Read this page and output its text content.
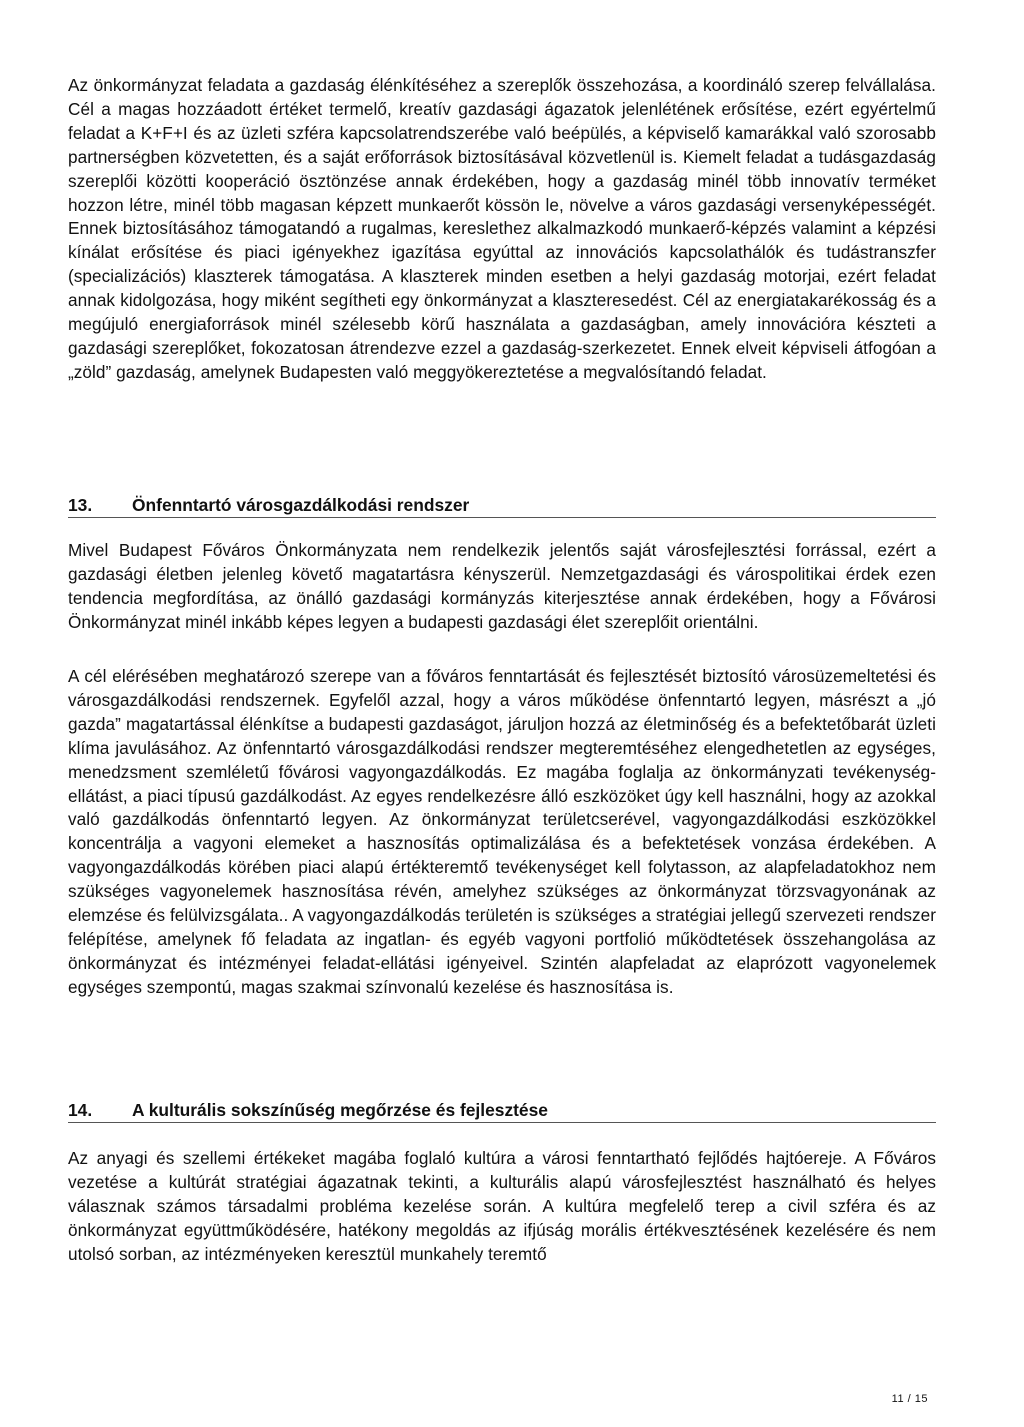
Az önkormányzat feladata a gazdaság élénkítéséhez a szereplők összehozása, a koordináló szerep felvállalása. Cél a magas hozzáadott értéket termelő, kreatív gazdasági ágazatok jelenlétének erősítése, ezért egyértelmű feladat a K+F+I és az üzleti szféra kapcsolatrendszerébe való beépülés, a képviselő kamarákkal való szorosabb partnerségben közvetetten, és a saját erőforrások biztosításával közvetlenül is. Kiemelt feladat a tudásgazdaság szereplői közötti kooperáció ösztönzése annak érdekében, hogy a gazdaság minél több innovatív terméket hozzon létre, minél több magasan képzett munkaerőt kössön le, növelve a város gazdasági versenyképességét. Ennek biztosításához támogatandó a rugalmas, kereslethez alkalmazkodó munkaerő-képzés valamint a képzési kínálat erősítése és piaci igényekhez igazítása egyúttal az innovációs kapcsolathálók és tudástranszfer (specializációs) klaszterek támogatása. A klaszterek minden esetben a helyi gazdaság motorjai, ezért feladat annak kidolgozása, hogy miként segítheti egy önkormányzat a klaszteresedést. Cél az energiatakarékosság és a megújuló energiaforrások minél szélesebb körű használata a gazdaságban, amely innovációra készteti a gazdasági szereplőket, fokozatosan átrendezve ezzel a gazdaság-szerkezetet. Ennek elveit képviseli átfogóan a „zöld” gazdaság, amelynek Budapesten való meggyökereztetése a megvalósítandó feladat.

13. Önfenntartó városgazdálkodási rendszer

Mivel Budapest Főváros Önkormányzata nem rendelkezik jelentős saját városfejlesztési forrással, ezért a gazdasági életben jelenleg követő magatartásra kényszerül. Nemzetgazdasági és várospolitikai érdek ezen tendencia megfordítása, az önálló gazdasági kormányzás kiterjesztése annak érdekében, hogy a Fővárosi Önkormányzat minél inkább képes legyen a budapesti gazdasági élet szereplőit orientálni.

A cél elérésében meghatározó szerepe van a főváros fenntartását és fejlesztését biztosító városüzemeltetési és városgazdálkodási rendszernek. Egyfelől azzal, hogy a város működése önfenntartó legyen, másrészt a „jó gazda” magatartással élénkítse a budapesti gazdaságot, járuljon hozzá az életminőség és a befektetőbarát üzleti klíma javulásához. Az önfenntartó városgazdálkodási rendszer megteremtéséhez elengedhetetlen az egységes, menedzsment szemléletű fővárosi vagyongazdálkodás. Ez magába foglalja az önkormányzati tevékenység-ellátást, a piaci típusú gazdálkodást. Az egyes rendelkezésre álló eszközöket úgy kell használni, hogy az azokkal való gazdálkodás önfenntartó legyen. Az önkormányzat területcserével, vagyongazdálkodási eszközökkel koncentrálja a vagyoni elemeket a hasznosítás optimalizálása és a befektetések vonzása érdekében. A vagyongazdálkodás körében piaci alapú értékteremtő tevékenységet kell folytasson, az alapfeladatokhoz nem szükséges vagyonelemek hasznosítása révén, amelyhez szükséges az önkormányzat törzsvagyonának az elemzése és felülvizsgálata.. A vagyongazdálkodás területén is szükséges a stratégiai jellegű szervezeti rendszer felépítése, amelynek fő feladata az ingatlan- és egyéb vagyoni portfolió működtetések összehangolása az önkormányzat és intézményei feladat-ellátási igényeivel. Szintén alapfeladat az elaprózott vagyonelemek egységes szempontú, magas szakmai színvonalú kezelése és hasznosítása is.

14. A kulturális sokszínűség megőrzése és fejlesztése

Az anyagi és szellemi értékeket magába foglaló kultúra a városi fenntartható fejlődés hajtóereje. A Főváros vezetése a kultúrát stratégiai ágazatnak tekinti, a kulturális alapú városfejlesztést használható és helyes válasznak számos társadalmi probléma kezelése során. A kultúra megfelelő terep a civil szféra és az önkormányzat együttműködésére, hatékony megoldás az ifjúság morális értékvesztésének kezelésére és nem utolsó sorban, az intézményeken keresztül munkahely teremtő

11 / 15
